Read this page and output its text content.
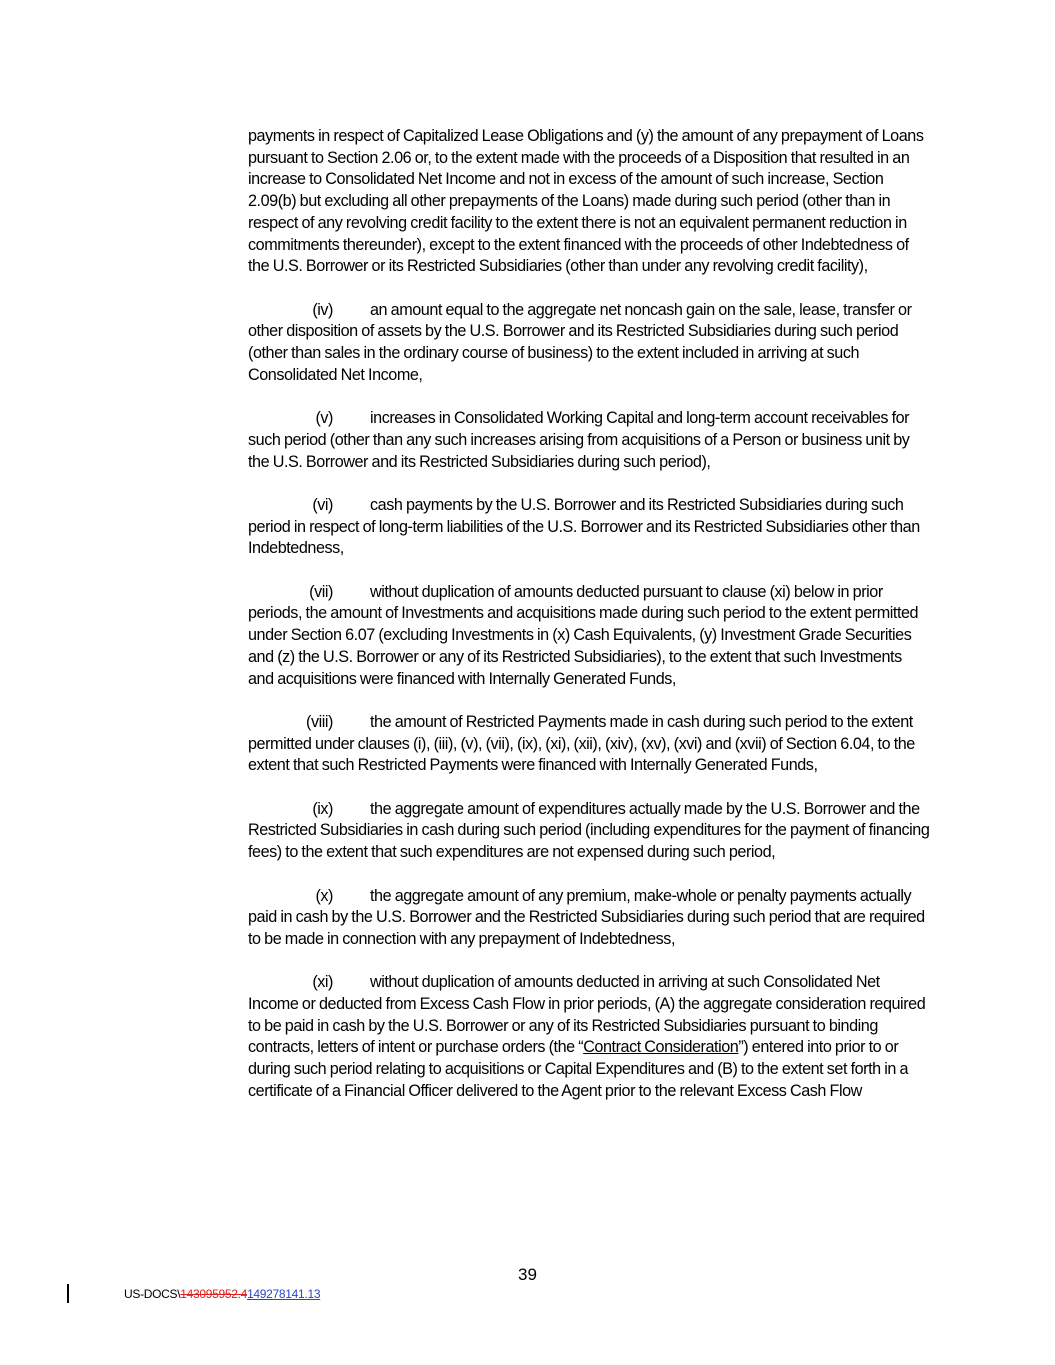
payments in respect of Capitalized Lease Obligations and (y) the amount of any prepayment of Loans pursuant to Section 2.06 or, to the extent made with the proceeds of a Disposition that resulted in an increase to Consolidated Net Income and not in excess of the amount of such increase, Section 2.09(b) but excluding all other prepayments of the Loans) made during such period (other than in respect of any revolving credit facility to the extent there is not an equivalent permanent reduction in commitments thereunder), except to the extent financed with the proceeds of other Indebtedness of the U.S. Borrower or its Restricted Subsidiaries (other than under any revolving credit facility),

(iv) an amount equal to the aggregate net noncash gain on the sale, lease, transfer or other disposition of assets by the U.S. Borrower and its Restricted Subsidiaries during such period (other than sales in the ordinary course of business) to the extent included in arriving at such Consolidated Net Income,

(v) increases in Consolidated Working Capital and long-term account receivables for such period (other than any such increases arising from acquisitions of a Person or business unit by the U.S. Borrower and its Restricted Subsidiaries during such period),

(vi) cash payments by the U.S. Borrower and its Restricted Subsidiaries during such period in respect of long-term liabilities of the U.S. Borrower and its Restricted Subsidiaries other than Indebtedness,

(vii) without duplication of amounts deducted pursuant to clause (xi) below in prior periods, the amount of Investments and acquisitions made during such period to the extent permitted under Section 6.07 (excluding Investments in (x) Cash Equivalents, (y) Investment Grade Securities and (z) the U.S. Borrower or any of its Restricted Subsidiaries), to the extent that such Investments and acquisitions were financed with Internally Generated Funds,

(viii) the amount of Restricted Payments made in cash during such period to the extent permitted under clauses (i), (iii), (v), (vii), (ix), (xi), (xii), (xiv), (xv), (xvi) and (xvii) of Section 6.04, to the extent that such Restricted Payments were financed with Internally Generated Funds,

(ix) the aggregate amount of expenditures actually made by the U.S. Borrower and the Restricted Subsidiaries in cash during such period (including expenditures for the payment of financing fees) to the extent that such expenditures are not expensed during such period,

(x) the aggregate amount of any premium, make-whole or penalty payments actually paid in cash by the U.S. Borrower and the Restricted Subsidiaries during such period that are required to be made in connection with any prepayment of Indebtedness,

(xi) without duplication of amounts deducted in arriving at such Consolidated Net Income or deducted from Excess Cash Flow in prior periods, (A) the aggregate consideration required to be paid in cash by the U.S. Borrower or any of its Restricted Subsidiaries pursuant to binding contracts, letters of intent or purchase orders (the “Contract Consideration”) entered into prior to or during such period relating to acquisitions or Capital Expenditures and (B) to the extent set forth in a certificate of a Financial Officer delivered to the Agent prior to the relevant Excess Cash Flow

39
US-DOCS\143095952.4149278141.13
